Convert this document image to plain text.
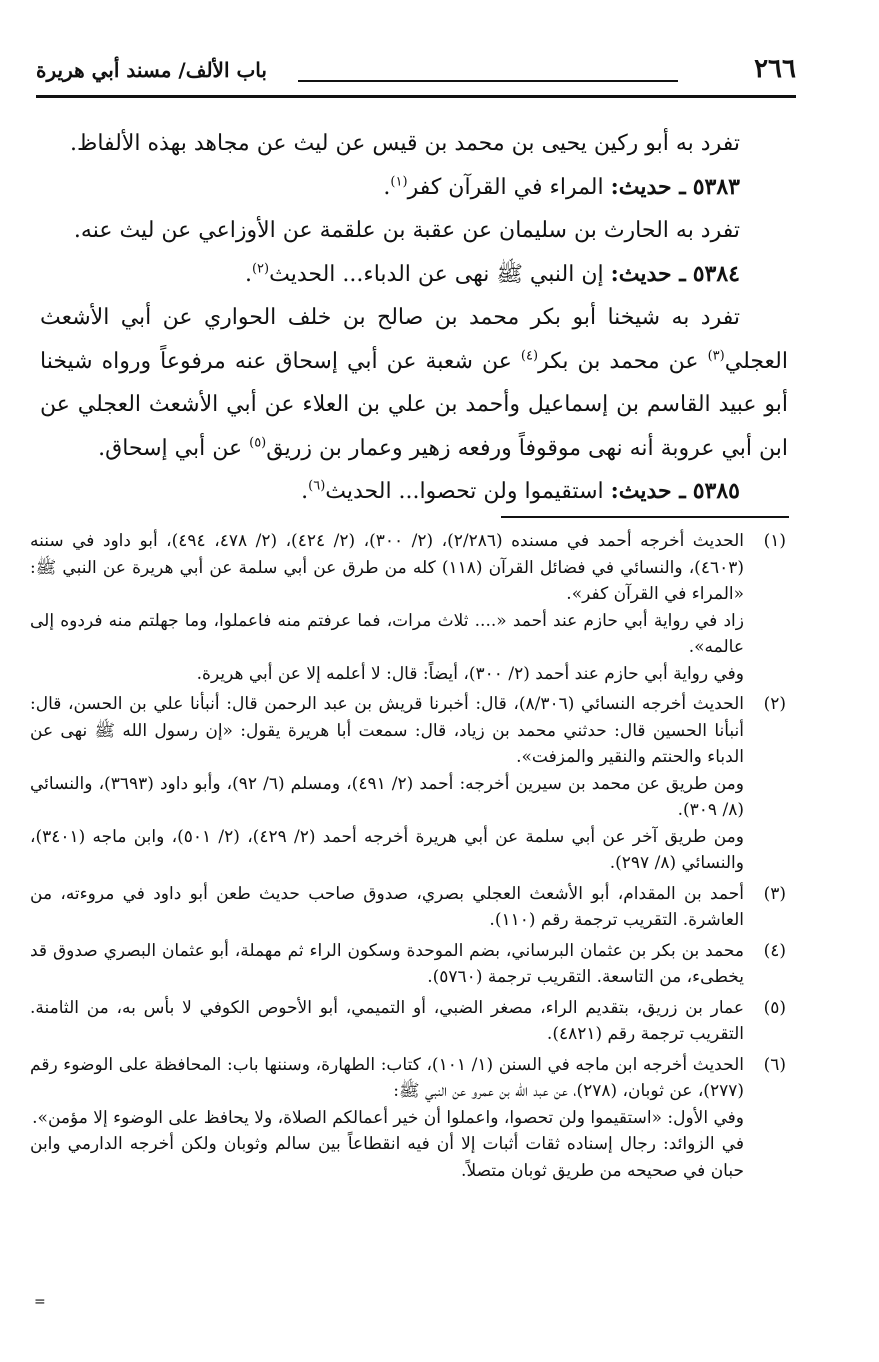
٢٦٦
باب الألف/ مسند أبي هريرة

تفرد به أبو ركين يحيى بن محمد بن قيس عن ليث عن مجاهد بهذه الألفاظ.

٥٣٨٣ ـ حديث: المراء في القرآن كفر$^{(١)}$.

تفرد به الحارث بن سليمان عن عقبة بن علقمة عن الأوزاعي عن ليث عنه.

٥٣٨٤ ـ حديث: إن النبي ﷺ نهى عن الدباء... الحديث$^{(٢)}$.

تفرد به شيخنا أبو بكر محمد بن صالح بن خلف الحواري عن أبي الأشعث العجلي$^{(٣)}$ عن محمد بن بكر$^{(٤)}$ عن شعبة عن أبي إسحاق عنه مرفوعاً ورواه شيخنا أبو عبيد القاسم بن إسماعيل وأحمد بن علي بن العلاء عن أبي الأشعث العجلي عن ابن أبي عروبة أنه نهى موقوفاً ورفعه زهير وعمار بن زريق$^{(٥)}$ عن أبي إسحاق.

٥٣٨٥ ـ حديث: استقيموا ولن تحصوا... الحديث$^{(٦)}$.

(١)

الحديث أخرجه أحمد في مسنده (٢/٢٨٦)، (٢/ ٣٠٠)، (٢/ ٤٢٤)، (٢/ ٤٧٨، ٤٩٤)، أبو داود في سننه (٤٦٠٣)، والنسائي في فضائل القرآن (١١٨) كله من طرق عن أبي سلمة عن أبي هريرة عن النبي ﷺ: «المراء في القرآن كفر».

زاد في رواية أبي حازم عند أحمد «.... ثلاث مرات، فما عرفتم منه فاعملوا، وما جهلتم منه فردوه إلى عالمه».

وفي رواية أبي حازم عند أحمد (٢/ ٣٠٠)، أيضاً: قال: لا أعلمه إلا عن أبي هريرة.

(٢)

الحديث أخرجه النسائي (٨/٣٠٦)، قال: أخبرنا قريش بن عبد الرحمن قال: أنبأنا علي بن الحسن، قال: أنبأنا الحسين قال: حدثني محمد بن زياد، قال: سمعت أبا هريرة يقول: «إن رسول الله ﷺ نهى عن الدباء والحنتم والنقير والمزفت».

ومن طريق عن محمد بن سيرين أخرجه: أحمد (٢/ ٤٩١)، ومسلم (٦/ ٩٢)، وأبو داود (٣٦٩٣)، والنسائي (٨/ ٣٠٩).

ومن طريق آخر عن أبي سلمة عن أبي هريرة أخرجه أحمد (٢/ ٤٢٩)، (٢/ ٥٠١)، وابن ماجه (٣٤٠١)، والنسائي (٨/ ٢٩٧).

(٣)

أحمد بن المقدام، أبو الأشعث العجلي بصري، صدوق صاحب حديث طعن أبو داود في مروءته، من العاشرة. التقريب ترجمة رقم (١١٠).

(٤)

محمد بن بكر بن عثمان البرساني، بضم الموحدة وسكون الراء ثم مهملة، أبو عثمان البصري صدوق قد يخطىء، من التاسعة. التقريب ترجمة (٥٧٦٠).

(٥)

عمار بن زريق، بتقديم الراء، مصغر الضبي، أو التميمي، أبو الأحوص الكوفي لا بأس به، من الثامنة. التقريب ترجمة رقم (٤٨٢١).

(٦)

الحديث أخرجه ابن ماجه في السنن (١/ ١٠١)، كتاب: الطهارة، وسننها باب: المحافظة على الوضوء رقم (٢٧٧)، عن ثوبان، (٢٧٨)، عن عبد الله بن عمرو عن النبي ﷺ:

وفي الأول: «استقيموا ولن تحصوا، واعملوا أن خير أعمالكم الصلاة، ولا يحافظ على الوضوء إلا مؤمن».

في الزوائد: رجال إسناده ثقات أثبات إلا أن فيه انقطاعاً بين سالم وثوبان ولكن أخرجه الدارمي وابن حبان في صحيحه من طريق ثوبان متصلاً.

=
